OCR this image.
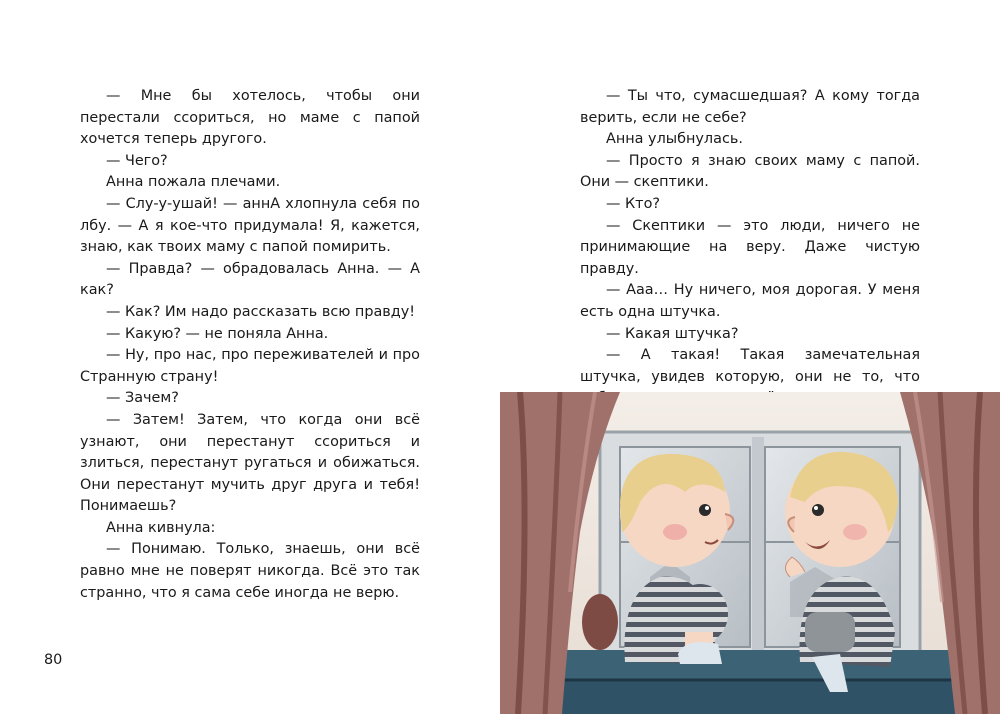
— Мне бы хотелось, чтобы они перестали ссориться, но маме с папой хочется теперь другого.

— Чего?

Анна пожала плечами.

— Слу-у-ушай! — аннА хлопнула себя по лбу. — А я кое-что придумала! Я, кажется, знаю, как твоих маму с папой помирить.

— Правда? — обрадовалась Анна. — А как?

— Как? Им надо рассказать всю правду!

— Какую? — не поняла Анна.

— Ну, про нас, про переживателей и про Странную страну!

— Зачем?

— Затем! Затем, что когда они всё узнают, они перестанут ссориться и злиться, перестанут ругаться и обижаться. Они перестанут мучить друг друга и тебя! Понимаешь?

Анна кивнула:

— Понимаю. Только, знаешь, они всё равно мне не поверят никогда. Всё это так странно, что я сама себе иногда не верю.

80

— Ты что, сумасшедшая? А кому тогда верить, если не себе?

Анна улыбнулась.

— Просто я знаю своих маму с папой. Они — скептики.

— Кто?

— Скептики — это люди, ничего не принимающие на веру. Даже чистую правду.

— Ааа… Ну ничего, моя дорогая. У меня есть одна штучка.

— Какая штучка?

— А такая! Такая замечательная штучка, увидев которую, они не то, что
